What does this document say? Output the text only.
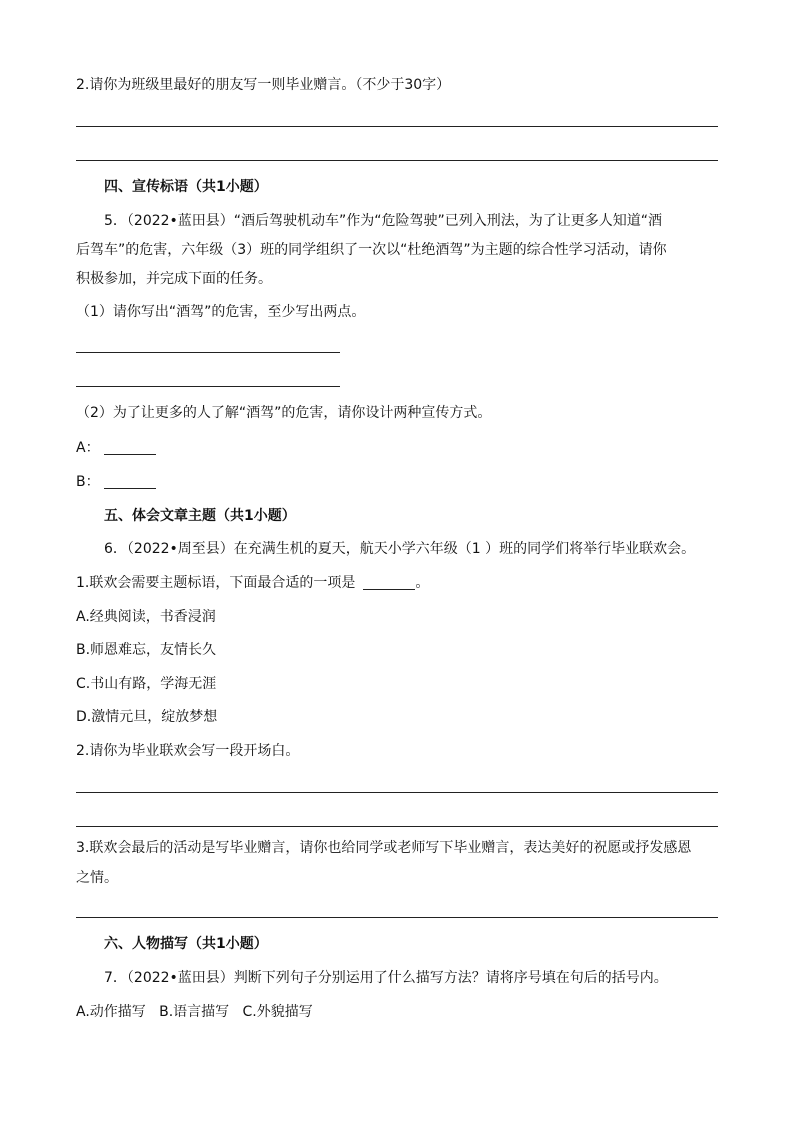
2.请你为班级里最好的朋友写一则毕业赠言。（不少于30字）
四、宣传标语（共1小题）
5．（2022•蓝田县）“酒后驾驶机动车”作为“危险驾驶”已列入刑法，为了让更多人知道“酒
后驾车”的危害，六年级（3）班的同学组织了一次以“杜绝酒驾”为主题的综合性学习活动，请你
积极参加，并完成下面的任务。
（1）请你写出“酒驾”的危害，至少写出两点。
（2）为了让更多的人了解“酒驾”的危害，请你设计两种宣传方式。
A：
B：
五、体会文章主题（共1小题）
6．（2022•周至县）在充满生机的夏天，航天小学六年级（1 ）班的同学们将举行毕业联欢会。
1.联欢会需要主题标语，下面最合适的一项是	。
A.经典阅读，书香浸润
B.师恩难忘，友情长久
C.书山有路，学海无涯
D.激情元旦，绽放梦想
2.请你为毕业联欢会写一段开场白。
3.联欢会最后的活动是写毕业赠言，请你也给同学或老师写下毕业赠言，表达美好的祝愿或抒发感恩
之情。
六、人物描写（共1小题）
7．（2022•蓝田县）判断下列句子分别运用了什么描写方法？请将序号填在句后的括号内。
A.动作描写   B.语言描写   C.外貌描写
